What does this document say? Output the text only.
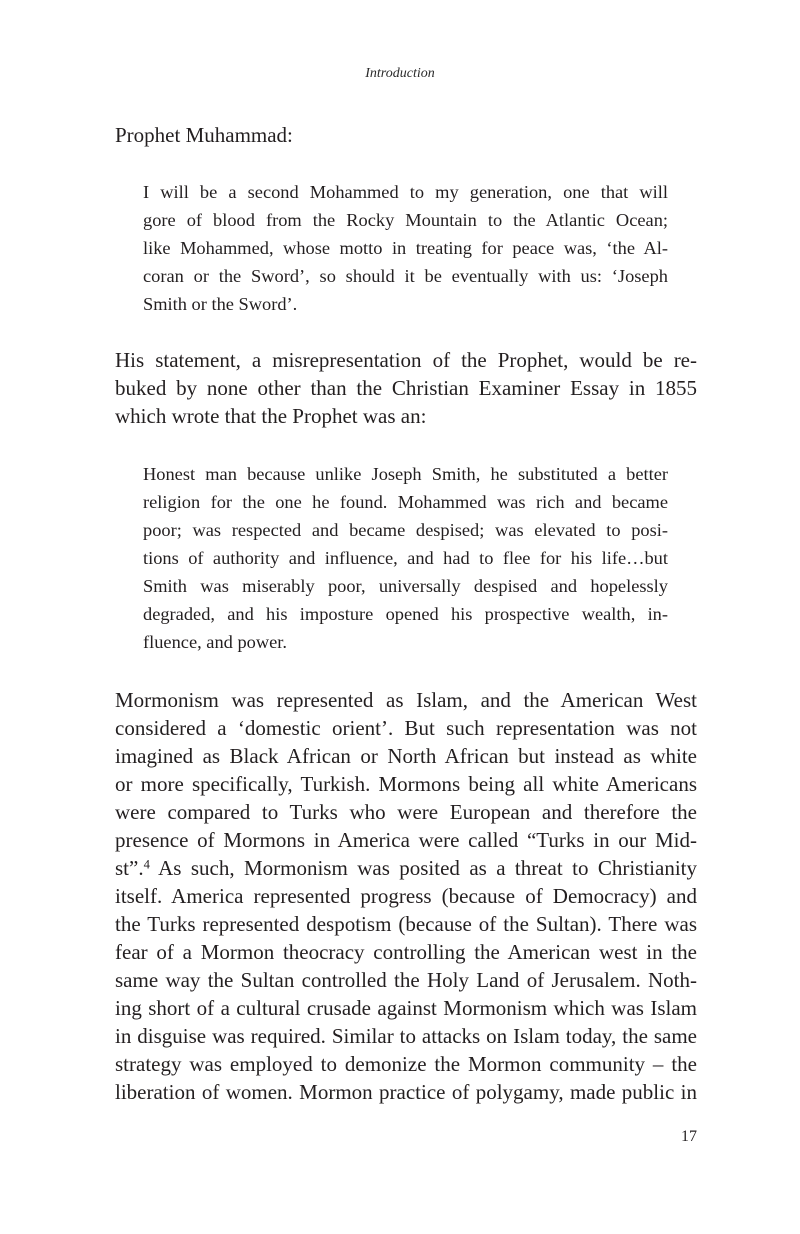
Introduction
Prophet Muhammad:
I will be a second Mohammed to my generation, one that will
gore of blood from the Rocky Mountain to the Atlantic Ocean;
like Mohammed, whose motto in treating for peace was, ‘the Al-
coran or the Sword’, so should it be eventually with us: ‘Joseph
Smith or the Sword’.
His statement, a misrepresentation of the Prophet, would be re-
buked by none other than the Christian Examiner Essay in 1855
which wrote that the Prophet was an:
Honest man because unlike Joseph Smith, he substituted a better
religion for the one he found. Mohammed was rich and became
poor; was respected and became despised; was elevated to posi-
tions of authority and influence, and had to flee for his life…but
Smith was miserably poor, universally despised and hopelessly
degraded, and his imposture opened his prospective wealth, in-
fluence, and power.
Mormonism was represented as Islam, and the American West
considered a ‘domestic orient’. But such representation was not
imagined as Black African or North African but instead as white
or more specifically, Turkish. Mormons being all white Americans
were compared to Turks who were European and therefore the
presence of Mormons in America were called “Turks in our Mid-
st”.$^4$ As such, Mormonism was posited as a threat to Christianity
itself. America represented progress (because of Democracy) and
the Turks represented despotism (because of the Sultan). There was
fear of a Mormon theocracy controlling the American west in the
same way the Sultan controlled the Holy Land of Jerusalem. Noth-
ing short of a cultural crusade against Mormonism which was Islam
in disguise was required. Similar to attacks on Islam today, the same
strategy was employed to demonize the Mormon community – the
liberation of women. Mormon practice of polygamy, made public in
17
